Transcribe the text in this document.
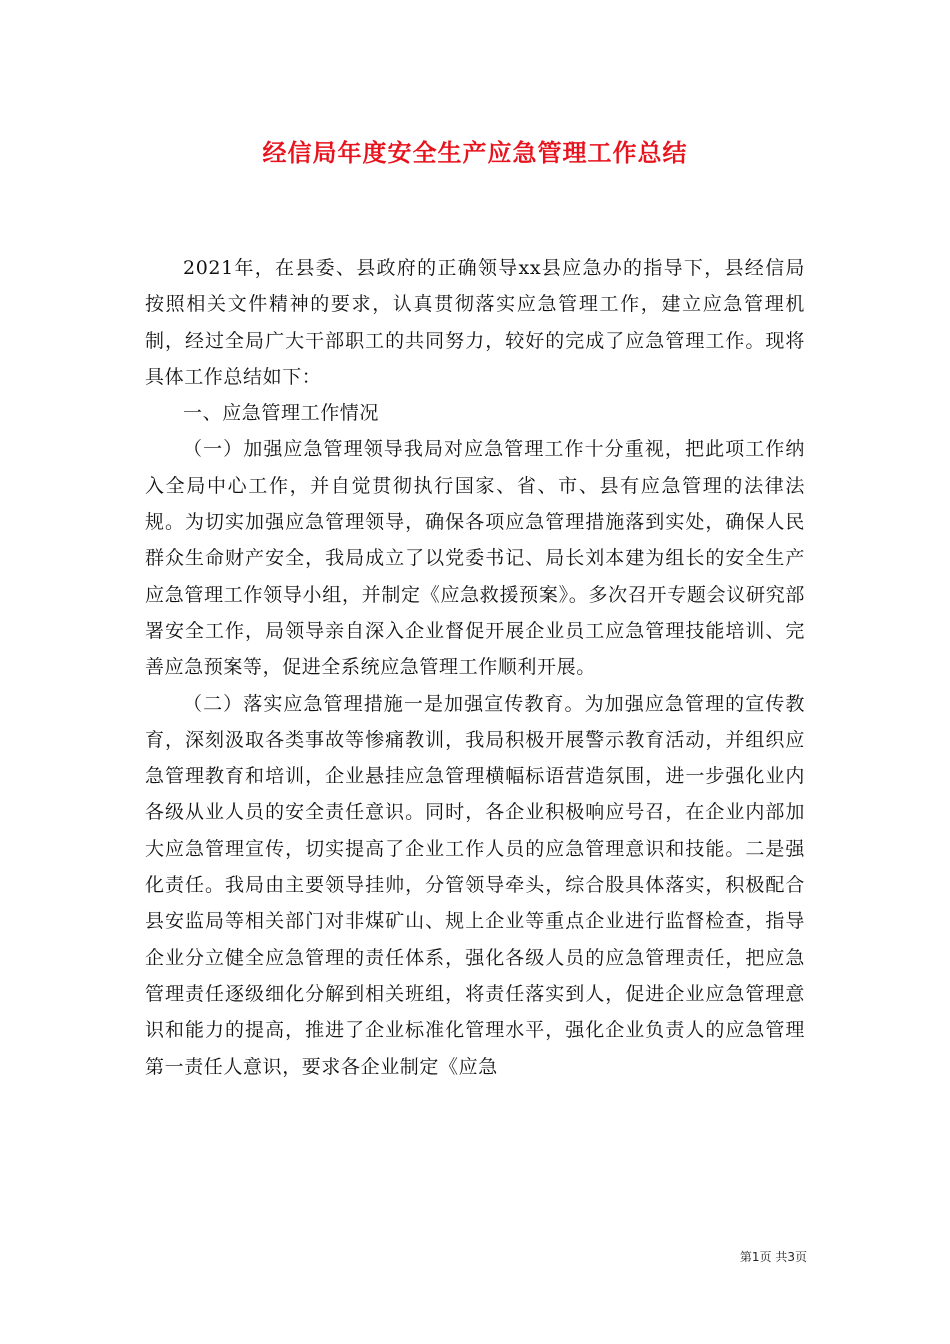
经信局年度安全生产应急管理工作总结

2021年，在县委、县政府的正确领导xx县应急办的指导下，县经信局按照相关文件精神的要求，认真贯彻落实应急管理工作，建立应急管理机制，经过全局广大干部职工的共同努力，较好的完成了应急管理工作。现将具体工作总结如下：

一、应急管理工作情况

（一）加强应急管理领导我局对应急管理工作十分重视，把此项工作纳入全局中心工作，并自觉贯彻执行国家、省、市、县有应急管理的法律法规。为切实加强应急管理领导，确保各项应急管理措施落到实处，确保人民群众生命财产安全，我局成立了以党委书记、局长刘本建为组长的安全生产应急管理工作领导小组，并制定《应急救援预案》。多次召开专题会议研究部署安全工作，局领导亲自深入企业督促开展企业员工应急管理技能培训、完善应急预案等，促进全系统应急管理工作顺利开展。

（二）落实应急管理措施一是加强宣传教育。为加强应急管理的宣传教育，深刻汲取各类事故等惨痛教训，我局积极开展警示教育活动，并组织应急管理教育和培训，企业悬挂应急管理横幅标语营造氛围，进一步强化业内各级从业人员的安全责任意识。同时，各企业积极响应号召，在企业内部加大应急管理宣传，切实提高了企业工作人员的应急管理意识和技能。二是强化责任。我局由主要领导挂帅，分管领导牵头，综合股具体落实，积极配合县安监局等相关部门对非煤矿山、规上企业等重点企业进行监督检查，指导企业分立健全应急管理的责任体系，强化各级人员的应急管理责任，把应急管理责任逐级细化分解到相关班组，将责任落实到人，促进企业应急管理意识和能力的提高，推进了企业标准化管理水平，强化企业负责人的应急管理第一责任人意识，要求各企业制定《应急

第1页 共3页
